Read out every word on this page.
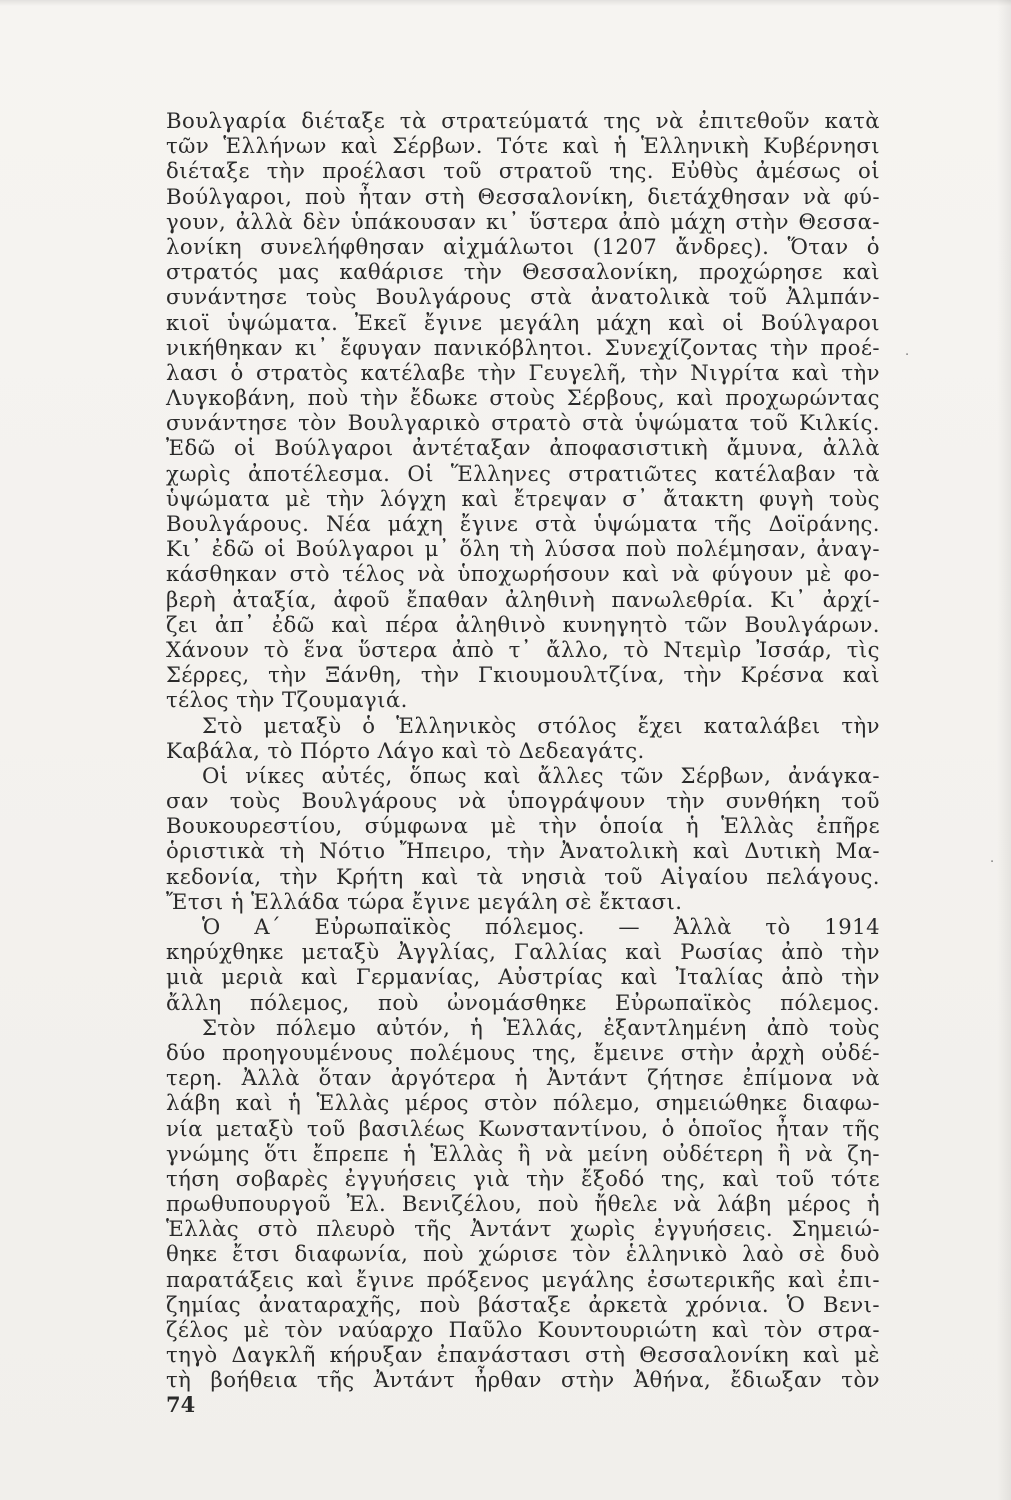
Βουλγαρία διέταξε τὰ στρατεύματά της νὰ ἐπιτεθοῦν κατὰ
τῶν Ἑλλήνων καὶ Σέρβων. Τότε καὶ ἡ Ἑλληνικὴ Κυβέρνησι
διέταξε τὴν προέλασι τοῦ στρατοῦ της. Εὐθὺς ἀμέσως οἱ
Βούλγαροι, ποὺ ἦταν στὴ Θεσσαλονίκη, διετάχθησαν νὰ φύ-
γουν, ἀλλὰ δὲν ὑπάκουσαν κι᾽ ὕστερα ἀπὸ μάχη στὴν Θεσσα-
λονίκη συνελήφθησαν αἰχμάλωτοι (1207 ἄνδρες). Ὅταν ὁ
στρατός μας καθάρισε τὴν Θεσσαλονίκη, προχώρησε καὶ
συνάντησε τοὺς Βουλγάρους στὰ ἀνατολικὰ τοῦ Ἀλμπάν-
κιοϊ ὑψώματα. Ἐκεῖ ἔγινε μεγάλη μάχη καὶ οἱ Βούλγαροι
νικήθηκαν κι᾽ ἔφυγαν πανικόβλητοι. Συνεχίζοντας τὴν προέ-
λασι ὁ στρατὸς κατέλαβε τὴν Γευγελῆ, τὴν Νιγρίτα καὶ τὴν
Λυγκοβάνη, ποὺ τὴν ἔδωκε στοὺς Σέρβους, καὶ προχωρώντας
συνάντησε τὸν Βουλγαρικὸ στρατὸ στὰ ὑψώματα τοῦ Κιλκίς.
Ἐδῶ οἱ Βούλγαροι ἀντέταξαν ἀποφασιστικὴ ἄμυνα, ἀλλὰ
χωρὶς ἀποτέλεσμα. Οἱ Ἕλληνες στρατιῶτες κατέλαβαν τὰ
ὑψώματα μὲ τὴν λόγχη καὶ ἔτρεψαν σ᾽ ἄτακτη φυγὴ τοὺς
Βουλγάρους. Νέα μάχη ἔγινε στὰ ὑψώματα τῆς Δοϊράνης.
Κι᾽ ἐδῶ οἱ Βούλγαροι μ᾽ ὅλη τὴ λύσσα ποὺ πολέμησαν, ἀναγ-
κάσθηκαν στὸ τέλος νὰ ὑποχωρήσουν καὶ νὰ φύγουν μὲ φο-
βερὴ ἀταξία, ἀφοῦ ἔπαθαν ἀληθινὴ πανωλεθρία. Κι᾽ ἀρχί-
ζει ἀπ᾽ ἐδῶ καὶ πέρα ἀληθινὸ κυνηγητὸ τῶν Βουλγάρων.
Χάνουν τὸ ἕνα ὕστερα ἀπὸ τ᾽ ἄλλο, τὸ Ντεμὶρ Ἰσσάρ, τὶς
Σέρρες, τὴν Ξάνθη, τὴν Γκιουμουλτζίνα, τὴν Κρέσνα καὶ
τέλος τὴν Τζουμαγιά.
Στὸ μεταξὺ ὁ Ἑλληνικὸς στόλος ἔχει καταλάβει τὴν
Καβάλα, τὸ Πόρτο Λάγο καὶ τὸ Δεδεαγάτς.
Οἱ νίκες αὐτές, ὅπως καὶ ἄλλες τῶν Σέρβων, ἀνάγκα-
σαν τοὺς Βουλγάρους νὰ ὑπογράψουν τὴν συνθήκη τοῦ
Βουκουρεστίου, σύμφωνα μὲ τὴν ὁποία ἡ Ἑλλὰς ἐπῆρε
ὁριστικὰ τὴ Νότιο Ἤπειρο, τὴν Ἀνατολικὴ καὶ Δυτικὴ Μα-
κεδονία, τὴν Κρήτη καὶ τὰ νησιὰ τοῦ Αἰγαίου πελάγους.
Ἔτσι ἡ Ἑλλάδα τώρα ἔγινε μεγάλη σὲ ἔκτασι.
Ὁ Α΄ Εὐρωπαϊκὸς πόλεμος. — Ἀλλὰ τὸ 1914
κηρύχθηκε μεταξὺ Ἀγγλίας, Γαλλίας καὶ Ρωσίας ἀπὸ τὴν
μιὰ μεριὰ καὶ Γερμανίας, Αὐστρίας καὶ Ἰταλίας ἀπὸ τὴν
ἄλλη πόλεμος, ποὺ ὠνομάσθηκε Εὐρωπαϊκὸς πόλεμος.
Στὸν πόλεμο αὐτόν, ἡ Ἑλλάς, ἐξαντλημένη ἀπὸ τοὺς
δύο προηγουμένους πολέμους της, ἔμεινε στὴν ἀρχὴ οὐδέ-
τερη. Ἀλλὰ ὅταν ἀργότερα ἡ Ἀντάντ ζήτησε ἐπίμονα νὰ
λάβη καὶ ἡ Ἑλλὰς μέρος στὸν πόλεμο, σημειώθηκε διαφω-
νία μεταξὺ τοῦ βασιλέως Κωνσταντίνου, ὁ ὁποῖος ἦταν τῆς
γνώμης ὅτι ἔπρεπε ἡ Ἑλλὰς ἢ νὰ μείνη οὐδέτερη ἢ νὰ ζη-
τήση σοβαρὲς ἐγγυήσεις γιὰ τὴν ἔξοδό της, καὶ τοῦ τότε
πρωθυπουργοῦ Ἐλ. Βενιζέλου, ποὺ ἤθελε νὰ λάβη μέρος ἡ
Ἑλλὰς στὸ πλευρὸ τῆς Ἀντάντ χωρὶς ἐγγυήσεις. Σημειώ-
θηκε ἔτσι διαφωνία, ποὺ χώρισε τὸν ἑλληνικὸ λαὸ σὲ δυὸ
παρατάξεις καὶ ἔγινε πρόξενος μεγάλης ἐσωτερικῆς καὶ ἐπι-
ζημίας ἀναταραχῆς, ποὺ βάσταξε ἀρκετὰ χρόνια. Ὁ Βενι-
ζέλος μὲ τὸν ναύαρχο Παῦλο Κουντουριώτη καὶ τὸν στρα-
τηγὸ Δαγκλῆ κήρυξαν ἐπανάστασι στὴ Θεσσαλονίκη καὶ μὲ
τὴ βοήθεια τῆς Ἀντάντ ἦρθαν στὴν Ἀθήνα, ἔδιωξαν τὸν
·
·
74
